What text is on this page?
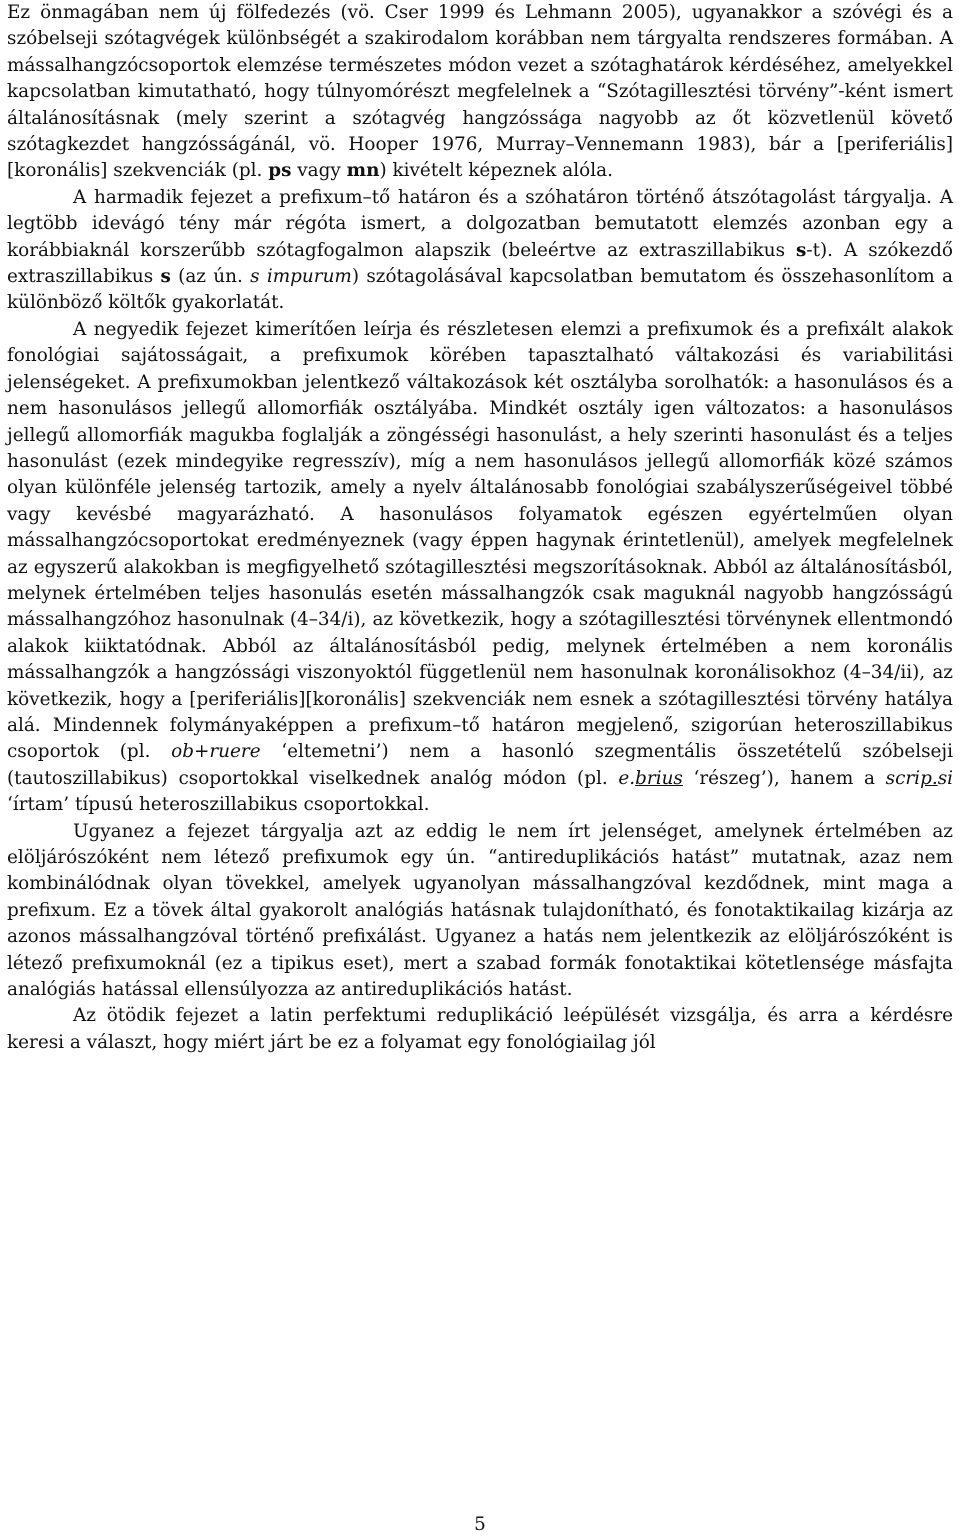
Ez önmagában nem új fölfedezés (vö. Cser 1999 és Lehmann 2005), ugyanakkor a szóvégi és a szóbelseji szótagvégek különbségét a szakirodalom korábban nem tárgyalta rendszeres formában. A mássalhangzócsoportok elemzése természetes módon vezet a szótaghatárok kérdéséhez, amelyekkel kapcsolatban kimutatható, hogy túlnyomórészt megfelelnek a “Szótagillesztési törvény”-ként ismert általánosításnak (mely szerint a szótagvég hangzóssága nagyobb az őt közvetlenül követő szótagkezdet hangzósságánál, vö. Hooper 1976, Murray–Vennemann 1983), bár a [periferiális][koronális] szekvenciák (pl. ps vagy mn) kivételt képeznek alóla.

A harmadik fejezet a prefixum–tő határon és a szóhatáron történő átszótagolást tárgyalja. A legtöbb idevágó tény már régóta ismert, a dolgozatban bemutatott elemzés azonban egy a korábbiaknál korszerűbb szótagfogalmon alapszik (beleértve az extraszillabikus s-t). A szókezdő extraszillabikus s (az ún. s impurum) szótagolásával kapcsolatban bemutatom és összehasonlítom a különböző költők gyakorlatát.

A negyedik fejezet kimerítően leírja és részletesen elemzi a prefixumok és a prefixált alakok fonológiai sajátosságait, a prefixumok körében tapasztalható váltakozási és variabilitási jelenségeket. A prefixumokban jelentkező váltakozások két osztályba sorolhatók: a hasonulásos és a nem hasonulásos jellegű allomorfiák osztályába. Mindkét osztály igen változatos: a hasonulásos jellegű allomorfiák magukba foglalják a zöngésségi hasonulást, a hely szerinti hasonulást és a teljes hasonulást (ezek mindegyike regresszív), míg a nem hasonulásos jellegű allomorfiák közé számos olyan különféle jelenség tartozik, amely a nyelv általánosabb fonológiai szabályszerűségeivel többé vagy kevésbé magyarázható. A hasonulásos folyamatok egészen egyértelműen olyan mássalhangzócsoportokat eredményeznek (vagy éppen hagynak érintetlenül), amelyek megfelelnek az egyszerű alakokban is megfigyelhető szótagillesztési megszorításoknak. Abból az általánosításból, melynek értelmében teljes hasonulás esetén mássalhangzók csak maguknál nagyobb hangzósságú mássalhangzóhoz hasonulnak (4–34/i), az következik, hogy a szótagillesztési törvénynek ellentmondó alakok kiiktatódnak. Abból az általánosításból pedig, melynek értelmében a nem koronális mássalhangzók a hangzóssági viszonyoktól függetlenül nem hasonulnak koronálisokhoz (4–34/ii), az következik, hogy a [periferiális][koronális] szekvenciák nem esnek a szótagillesztési törvény hatálya alá. Mindennek folymányaképpen a prefixum–tő határon megjelenő, szigorúan heteroszillabikus csoportok (pl. ob+ruere ‘eltemetni’) nem a hasonló szegmentális összetételű szóbelseji (tautoszillabikus) csoportokkal viselkednek analóg módon (pl. e.brius ‘részeg’), hanem a scrip.si ‘írtam’ típusú heteroszillabikus csoportokkal.

Ugyanez a fejezet tárgyalja azt az eddig le nem írt jelenséget, amelynek értelmében az elöljárószóként nem létező prefixumok egy ún. “antireduplikációs hatást” mutatnak, azaz nem kombinálódnak olyan tövekkel, amelyek ugyanolyan mássalhangzóval kezdődnek, mint maga a prefixum. Ez a tövek által gyakorolt analógiás hatásnak tulajdonítható, és fonotaktikailag kizárja az azonos mássalhangzóval történő prefixálást. Ugyanez a hatás nem jelentkezik az elöljárószóként is létező prefixumoknál (ez a tipikus eset), mert a szabad formák fonotaktikai kötetlensége másfajta analógiás hatással ellensúlyozza az antireduplikációs hatást.

Az ötödik fejezet a latin perfektumi reduplikáció leépülését vizsgálja, és arra a kérdésre keresi a választ, hogy miért járt be ez a folyamat egy fonológiailag jól

5
